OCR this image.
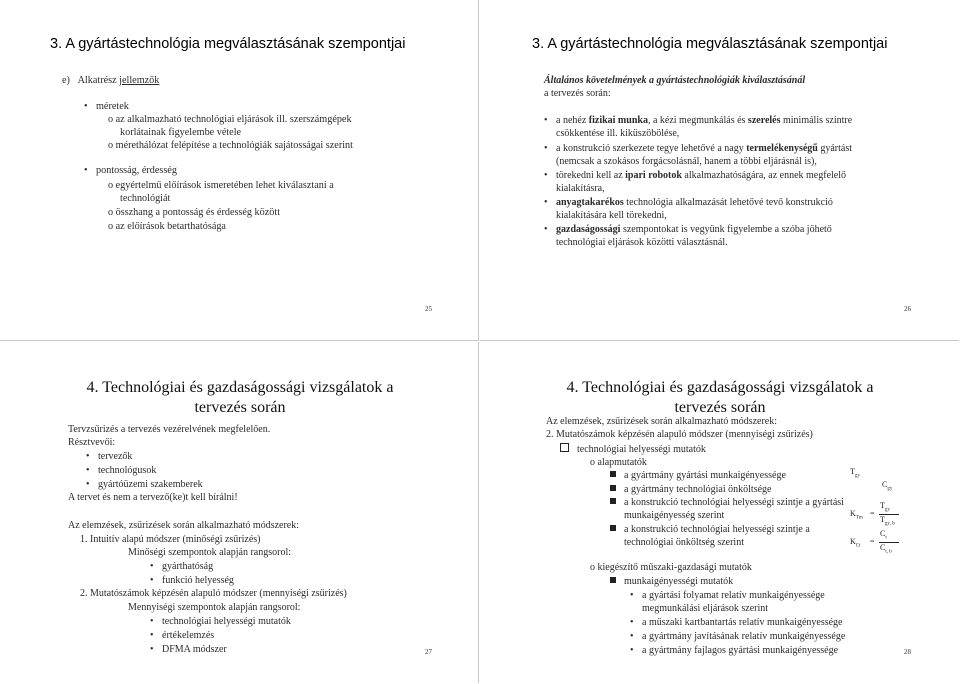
3. A gyártástechnológia megválasztásának szempontjai
e) Alkatrész jellemzők
• méretek
o az alkalmazható technológiai eljárások ill. szerszámgépek
korlátainak figyelembe vétele
o mérethálózat felépítése a technológiák sajátosságai szerint
• pontosság, érdesség
o egyértelmű előírások ismeretében lehet kiválasztani a
technológiát
o összhang a pontosság és érdesség között
o az előírások betarthatósága
25
3. A gyártástechnológia megválasztásának szempontjai
Általános követelmények a gyártástechnológiák kiválasztásánál
a tervezés során:
• a nehéz fizikai munka, a kézi megmunkálás és szerelés minimális szintre
csökkentése ill. kiküszöbölése,
• a konstrukció szerkezete tegye lehetővé a nagy termelékenységű gyártást
(nemcsak a szokásos forgácsolásnál, hanem a többi eljárásnál is),
• törekedni kell az ipari robotok alkalmazhatóságára, az ennek megfelelő
kialakításra,
• anyagtakarékos technológia alkalmazását lehetővé tevő konstrukció
kialakítására kell törekedni,
• gazdaságossági szempontokat is vegyünk figyelembe a szóba jöhető
technológiai eljárások közötti választásnál.
26
4. Technológiai és gazdaságossági vizsgálatok a
tervezés során
Tervzsűrizés a tervezés vezérelvének megfelelően.
Résztvevői:
• tervezők
• technológusok
• gyártóüzemi szakemberek
A tervet és nem a tervező(ke)t kell bírálni!
Az elemzések, zsűrizések során alkalmazható módszerek:
1. Intuitív alapú módszer (minőségi zsűrizés)
Minőségi szempontok alapján rangsorol:
• gyárthatóság
• funkció helyesség
2. Mutatószámok képzésén alapuló módszer (mennyiségi zsűrizés)
Mennyiségi szempontok alapján rangsorol:
• technológiai helyességi mutatók
• értékelemzés
• DFMA módszer	27
4. Technológiai és gazdaságossági vizsgálatok a
tervezés során
Az elemzések, zsűrizések során alkalmazható módszerek:
2. Mutatószámok képzésén alapuló módszer (mennyiségi zsűrizés)
technológiai helyességi mutatók
o alapmutatók
a gyártmány gyártási munkaigényessége
a gyártmány technológiai önköltsége
a konstrukció technológiai helyességi szintje a gyártási
munkaigényesség szerint
a konstrukció technológiai helyességi szintje a
technológiai önköltség szerint
$T_{gy}$
$C_{gy}$
$K_{Tm}$
=
$T_{gy}$
$T_{gy, b}$
$K_{Ct}$
=
$C_t$
$C_{t, b}$
o kiegészítő műszaki-gazdasági mutatók
munkaigényességi mutatók
• a gyártási folyamat relatív munkaigényessége
megmunkálási eljárások szerint
• a műszaki kartbantartás relatív munkaigényessége
• a gyártmány javításának relatív munkaigényessége
• a gyártmány fajlagos gyártási munkaigényessége	28
